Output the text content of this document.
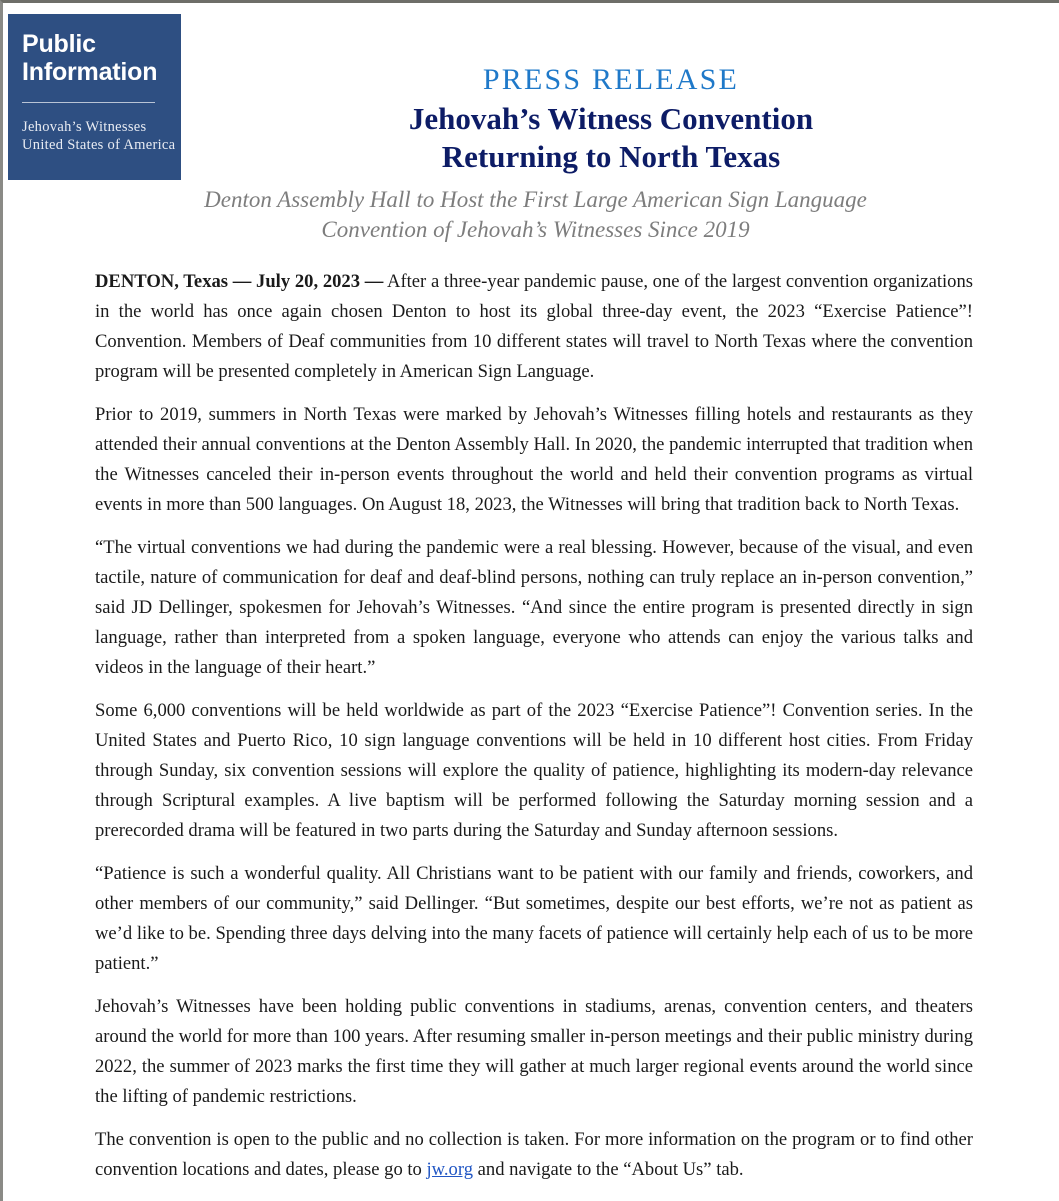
Public
Information
Jehovah’s Witnesses
United States of America
PRESS RELEASE
Jehovah’s Witness Convention
Returning to North Texas
Denton Assembly Hall to Host the First Large American Sign Language
Convention of Jehovah’s Witnesses Since 2019

DENTON, Texas — July 20, 2023 — After a three-year pandemic pause, one of the largest convention organizations in the world has once again chosen Denton to host its global three-day event, the 2023 “Exercise Patience”! Convention. Members of Deaf communities from 10 different states will travel to North Texas where the convention program will be presented completely in American Sign Language.

Prior to 2019, summers in North Texas were marked by Jehovah’s Witnesses filling hotels and restaurants as they attended their annual conventions at the Denton Assembly Hall. In 2020, the pandemic interrupted that tradition when the Witnesses canceled their in-person events throughout the world and held their convention programs as virtual events in more than 500 languages. On August 18, 2023, the Witnesses will bring that tradition back to North Texas.

“The virtual conventions we had during the pandemic were a real blessing. However, because of the visual, and even tactile, nature of communication for deaf and deaf-blind persons, nothing can truly replace an in-person convention,” said JD Dellinger, spokesmen for Jehovah’s Witnesses. “And since the entire program is presented directly in sign language, rather than interpreted from a spoken language, everyone who attends can enjoy the various talks and videos in the language of their heart.”

Some 6,000 conventions will be held worldwide as part of the 2023 “Exercise Patience”! Convention series. In the United States and Puerto Rico, 10 sign language conventions will be held in 10 different host cities. From Friday through Sunday, six convention sessions will explore the quality of patience, highlighting its modern-day relevance through Scriptural examples. A live baptism will be performed following the Saturday morning session and a prerecorded drama will be featured in two parts during the Saturday and Sunday afternoon sessions.

“Patience is such a wonderful quality. All Christians want to be patient with our family and friends, coworkers, and other members of our community,” said Dellinger. “But sometimes, despite our best efforts, we’re not as patient as we’d like to be. Spending three days delving into the many facets of patience will certainly help each of us to be more patient.”

Jehovah’s Witnesses have been holding public conventions in stadiums, arenas, convention centers, and theaters around the world for more than 100 years. After resuming smaller in-person meetings and their public ministry during 2022, the summer of 2023 marks the first time they will gather at much larger regional events around the world since the lifting of pandemic restrictions.

The convention is open to the public and no collection is taken. For more information on the program or to find other convention locations and dates, please go to jw.org and navigate to the “About Us” tab.
